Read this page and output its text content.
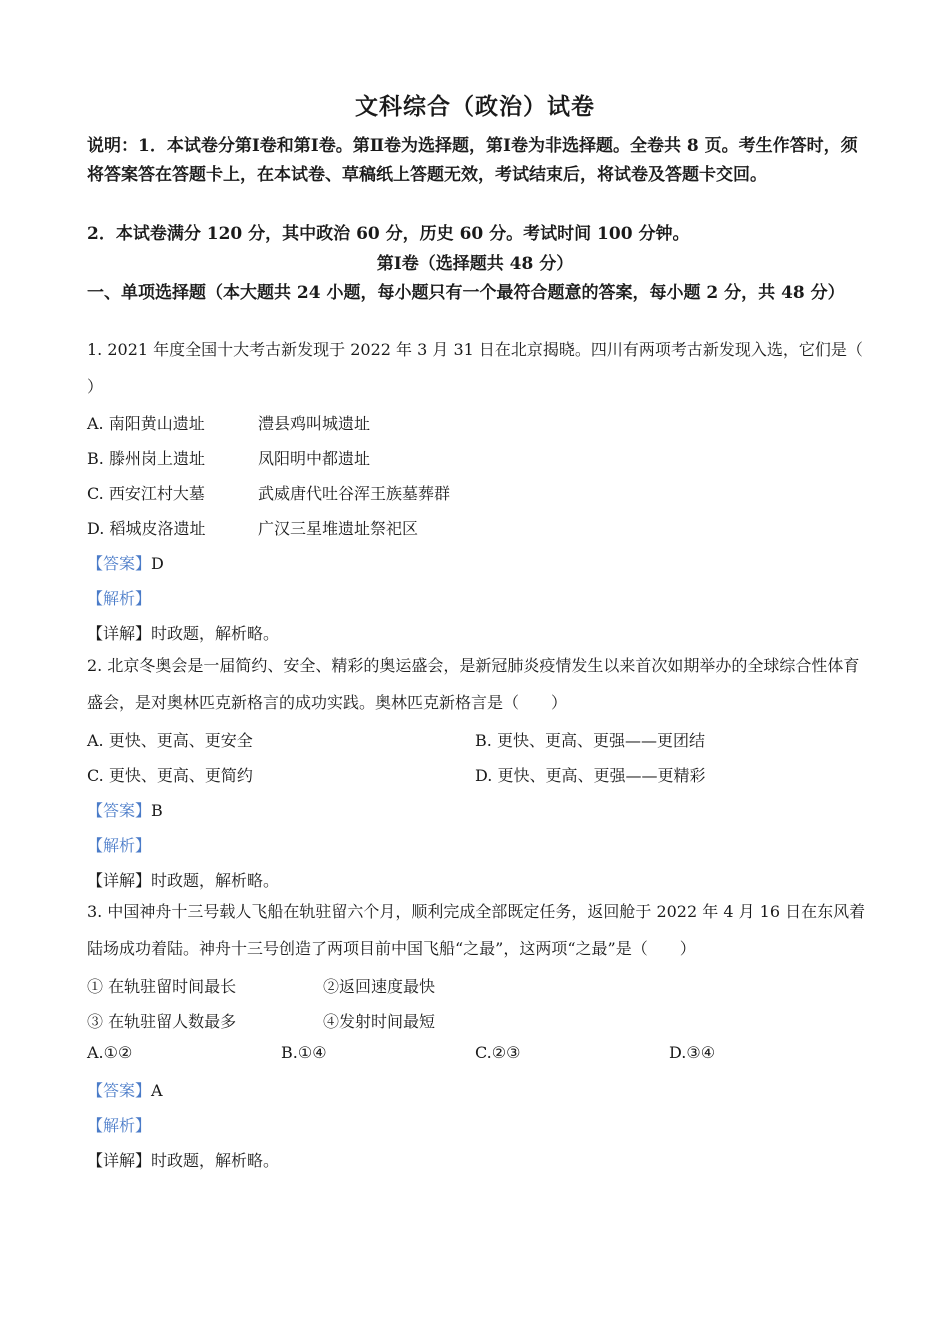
文科综合（政治）试卷
说明：1．本试卷分第Ⅰ卷和第Ⅰ卷。第Ⅱ卷为选择题，第Ⅰ卷为非选择题。全卷共 8 页。考生作答时，须将答案答在答题卡上，在本试卷、草稿纸上答题无效，考试结束后，将试卷及答题卡交回。
2．本试卷满分 120 分，其中政治 60 分，历史 60 分。考试时间 100 分钟。
第Ⅰ卷（选择题共 48 分）
一、单项选择题（本大题共 24 小题，每小题只有一个最符合题意的答案，每小题 2 分，共 48 分）
1. 2021 年度全国十大考古新发现于 2022 年 3 月 31 日在北京揭晓。四川有两项考古新发现入选，它们是（ ）
A. 南阳黄山遗址	澧县鸡叫城遗址
B. 滕州岗上遗址	凤阳明中都遗址
C. 西安江村大墓	武威唐代吐谷浑王族墓葬群
D. 稻城皮洛遗址	广汉三星堆遗址祭祀区
【答案】D
【解析】
【详解】时政题，解析略。
2. 北京冬奥会是一届简约、安全、精彩的奥运盛会，是新冠肺炎疫情发生以来首次如期举办的全球综合性体育盛会，是对奥林匹克新格言的成功实践。奥林匹克新格言是（　　）
A. 更快、更高、更安全	B. 更快、更高、更强——更团结
C. 更快、更高、更简约	D. 更快、更高、更强——更精彩
【答案】B
【解析】
【详解】时政题，解析略。
3. 中国神舟十三号载人飞船在轨驻留六个月，顺利完成全部既定任务，返回舱于 2022 年 4 月 16 日在东风着陆场成功着陆。神舟十三号创造了两项目前中国飞船“之最”，这两项“之最”是（　　）
① 在轨驻留时间最长	②返回速度最快
③ 在轨驻留人数最多	④发射时间最短
A.①②	B.①④	C.②③	D.③④
【答案】A
【解析】
【详解】时政题，解析略。
